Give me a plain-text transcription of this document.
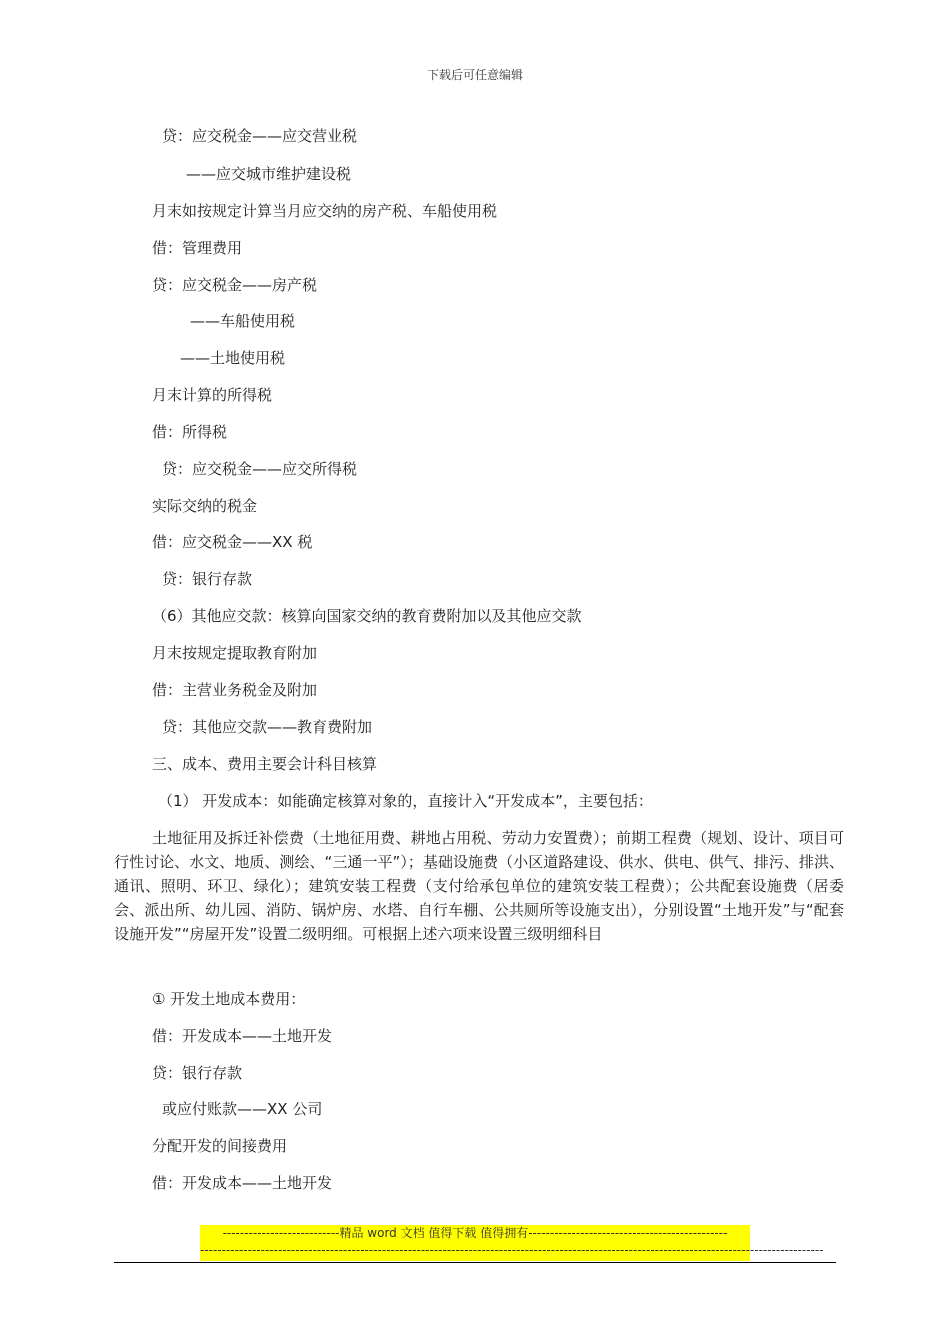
下载后可任意编辑
贷：应交税金——应交营业税
——应交城市维护建设税
月末如按规定计算当月应交纳的房产税、车船使用税
借：管理费用
贷：应交税金——房产税
——车船使用税
——土地使用税
月末计算的所得税
借：所得税
贷：应交税金——应交所得税
实际交纳的税金
借：应交税金——XX 税
贷：银行存款
（6）其他应交款：核算向国家交纳的教育费附加以及其他应交款
月末按规定提取教育附加
借：主营业务税金及附加
贷：其他应交款——教育费附加
三、成本、费用主要会计科目核算
（1） 开发成本：如能确定核算对象的，直接计入“开发成本”，主要包括：
土地征用及拆迁补偿费（土地征用费、耕地占用税、劳动力安置费）；前期工程费（规划、设计、项目可行性讨论、水文、地质、测绘、“三通一平”）；基础设施费（小区道路建设、供水、供电、供气、排污、排洪、通讯、照明、环卫、绿化）；建筑安装工程费（支付给承包单位的建筑安装工程费）；公共配套设施费（居委会、派出所、幼儿园、消防、锅炉房、水塔、自行车棚、公共厕所等设施支出），分别设置“土地开发”与“配套设施开发”“房屋开发”设置二级明细。可根据上述六项来设置三级明细科目
① 开发土地成本费用：
借：开发成本——土地开发
贷：银行存款
或应付账款——XX 公司
分配开发的间接费用
借：开发成本——土地开发
---------------------------精品 word 文档 值得下载 值得拥有----------------------------------------------
------------------------------------------------------------------------------------------------------------------------------------------------
